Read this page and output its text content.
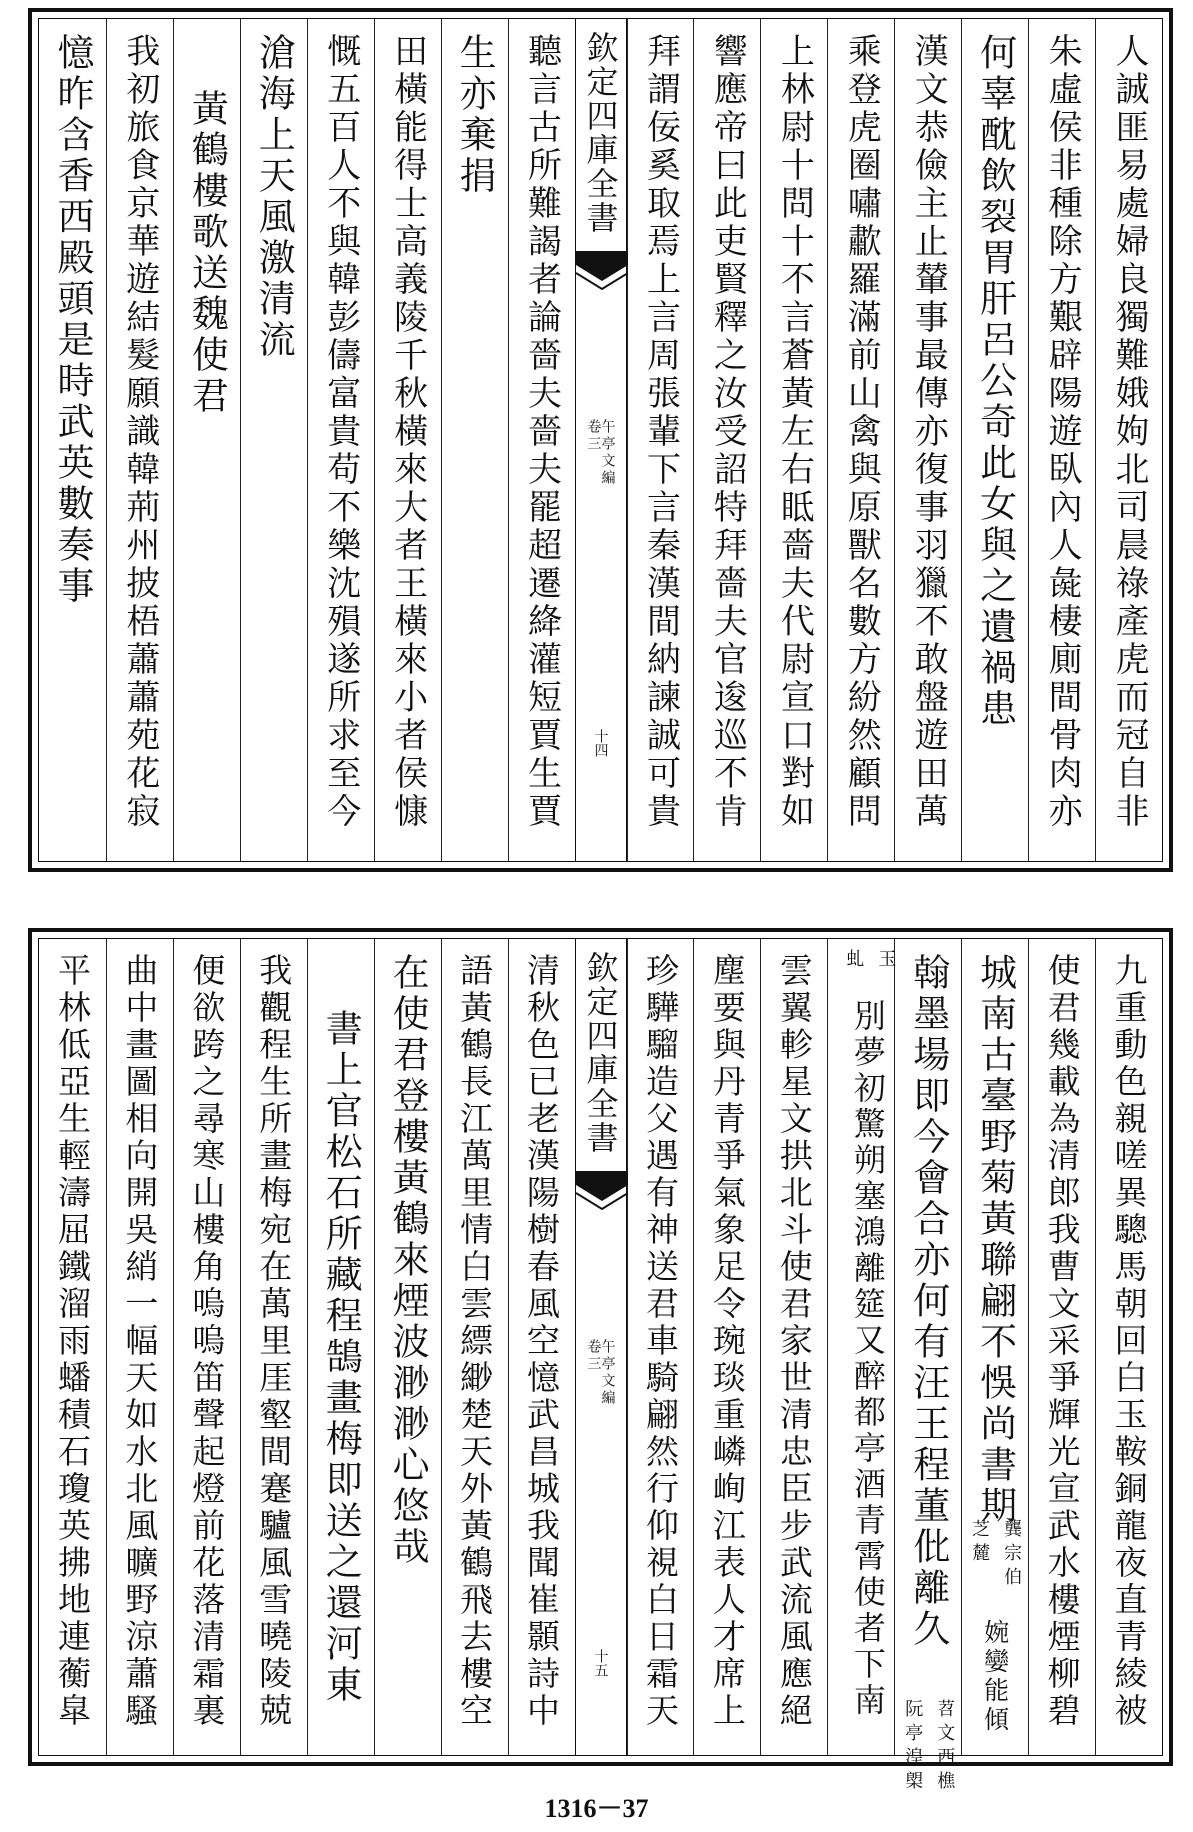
人誠匪易處婦良獨難娥姁北司晨祿產虎而冠自非
朱虛侯非種除方艱辟陽遊臥內人彘棲廁間骨肉亦
何辜酖飲裂胃肝呂公奇此女與之遺禍患
漢文恭儉主止輦事最傳亦復事羽獵不敢盤遊田萬
乘登虎圈嘯歗羅滿前山禽與原獸名數方紛然顧問
上林尉十問十不言蒼黃左右眡嗇夫代尉宣口對如
響應帝曰此吏賢釋之汝受詔特拜嗇夫官逡巡不肯
拜謂佞奚取焉上言周張輩下言秦漢間納諫誠可貴
欽定四庫全書
午亭文編
卷三
十四
聽言古所難謁者論嗇夫嗇夫罷超遷絳灌短賈生賈
生亦棄捐
田橫能得士高義陵千秋橫來大者王橫來小者侯慷
慨五百人不與韓彭儔富貴苟不樂沈殞遂所求至今
滄海上天風激清流
黃鶴樓歌送魏使君
我初旅食京華遊結髮願識韓荊州披梧蕭蕭苑花寂
憶昨含香西殿頭是時武英數奏事
九重動色親嗟異驄馬朝回白玉鞍銅龍夜直青綾被
使君幾載為清郎我曹文采爭輝光宣武水樓煙柳碧
城南古臺野菊黃聯翩不悞尚書期
芝麓 龔宗伯
婉孌能傾
翰墨場即今會合亦何有汪王程董仳離久
阮亭湟㮾 苕文西樵
別夢初驚朔塞鴻離筵又醉都亭酒青霄使者下南
虬 玉
雲翼軫星文拱北斗使君家世清忠臣步武流風應絕
塵要與丹青爭氣象足令琬琰重嶙峋江表人才席上
珍驊騮造父遇有神送君車騎翩然行仰視白日霜天
欽定四庫全書
午亭文編
卷三
十五
清秋色已老漢陽樹春風空憶武昌城我聞崔顥詩中
語黃鶴長江萬里情白雲縹緲楚天外黃鶴飛去樓空
在使君登樓黃鶴來煙波渺渺心悠哉
書上官松石所藏程鵠畫梅即送之還河東
我觀程生所畫梅宛在萬里厓壑間蹇驢風雪曉陵兢
便欲跨之尋寒山樓角嗚嗚笛聲起燈前花落清霜裏
曲中畫圖相向開吳綃一幅天如水北風曠野涼蕭騷
平林低亞生輕濤屈鐵溜雨蟠積石瓊英拂地連蘅皐
1316－37
